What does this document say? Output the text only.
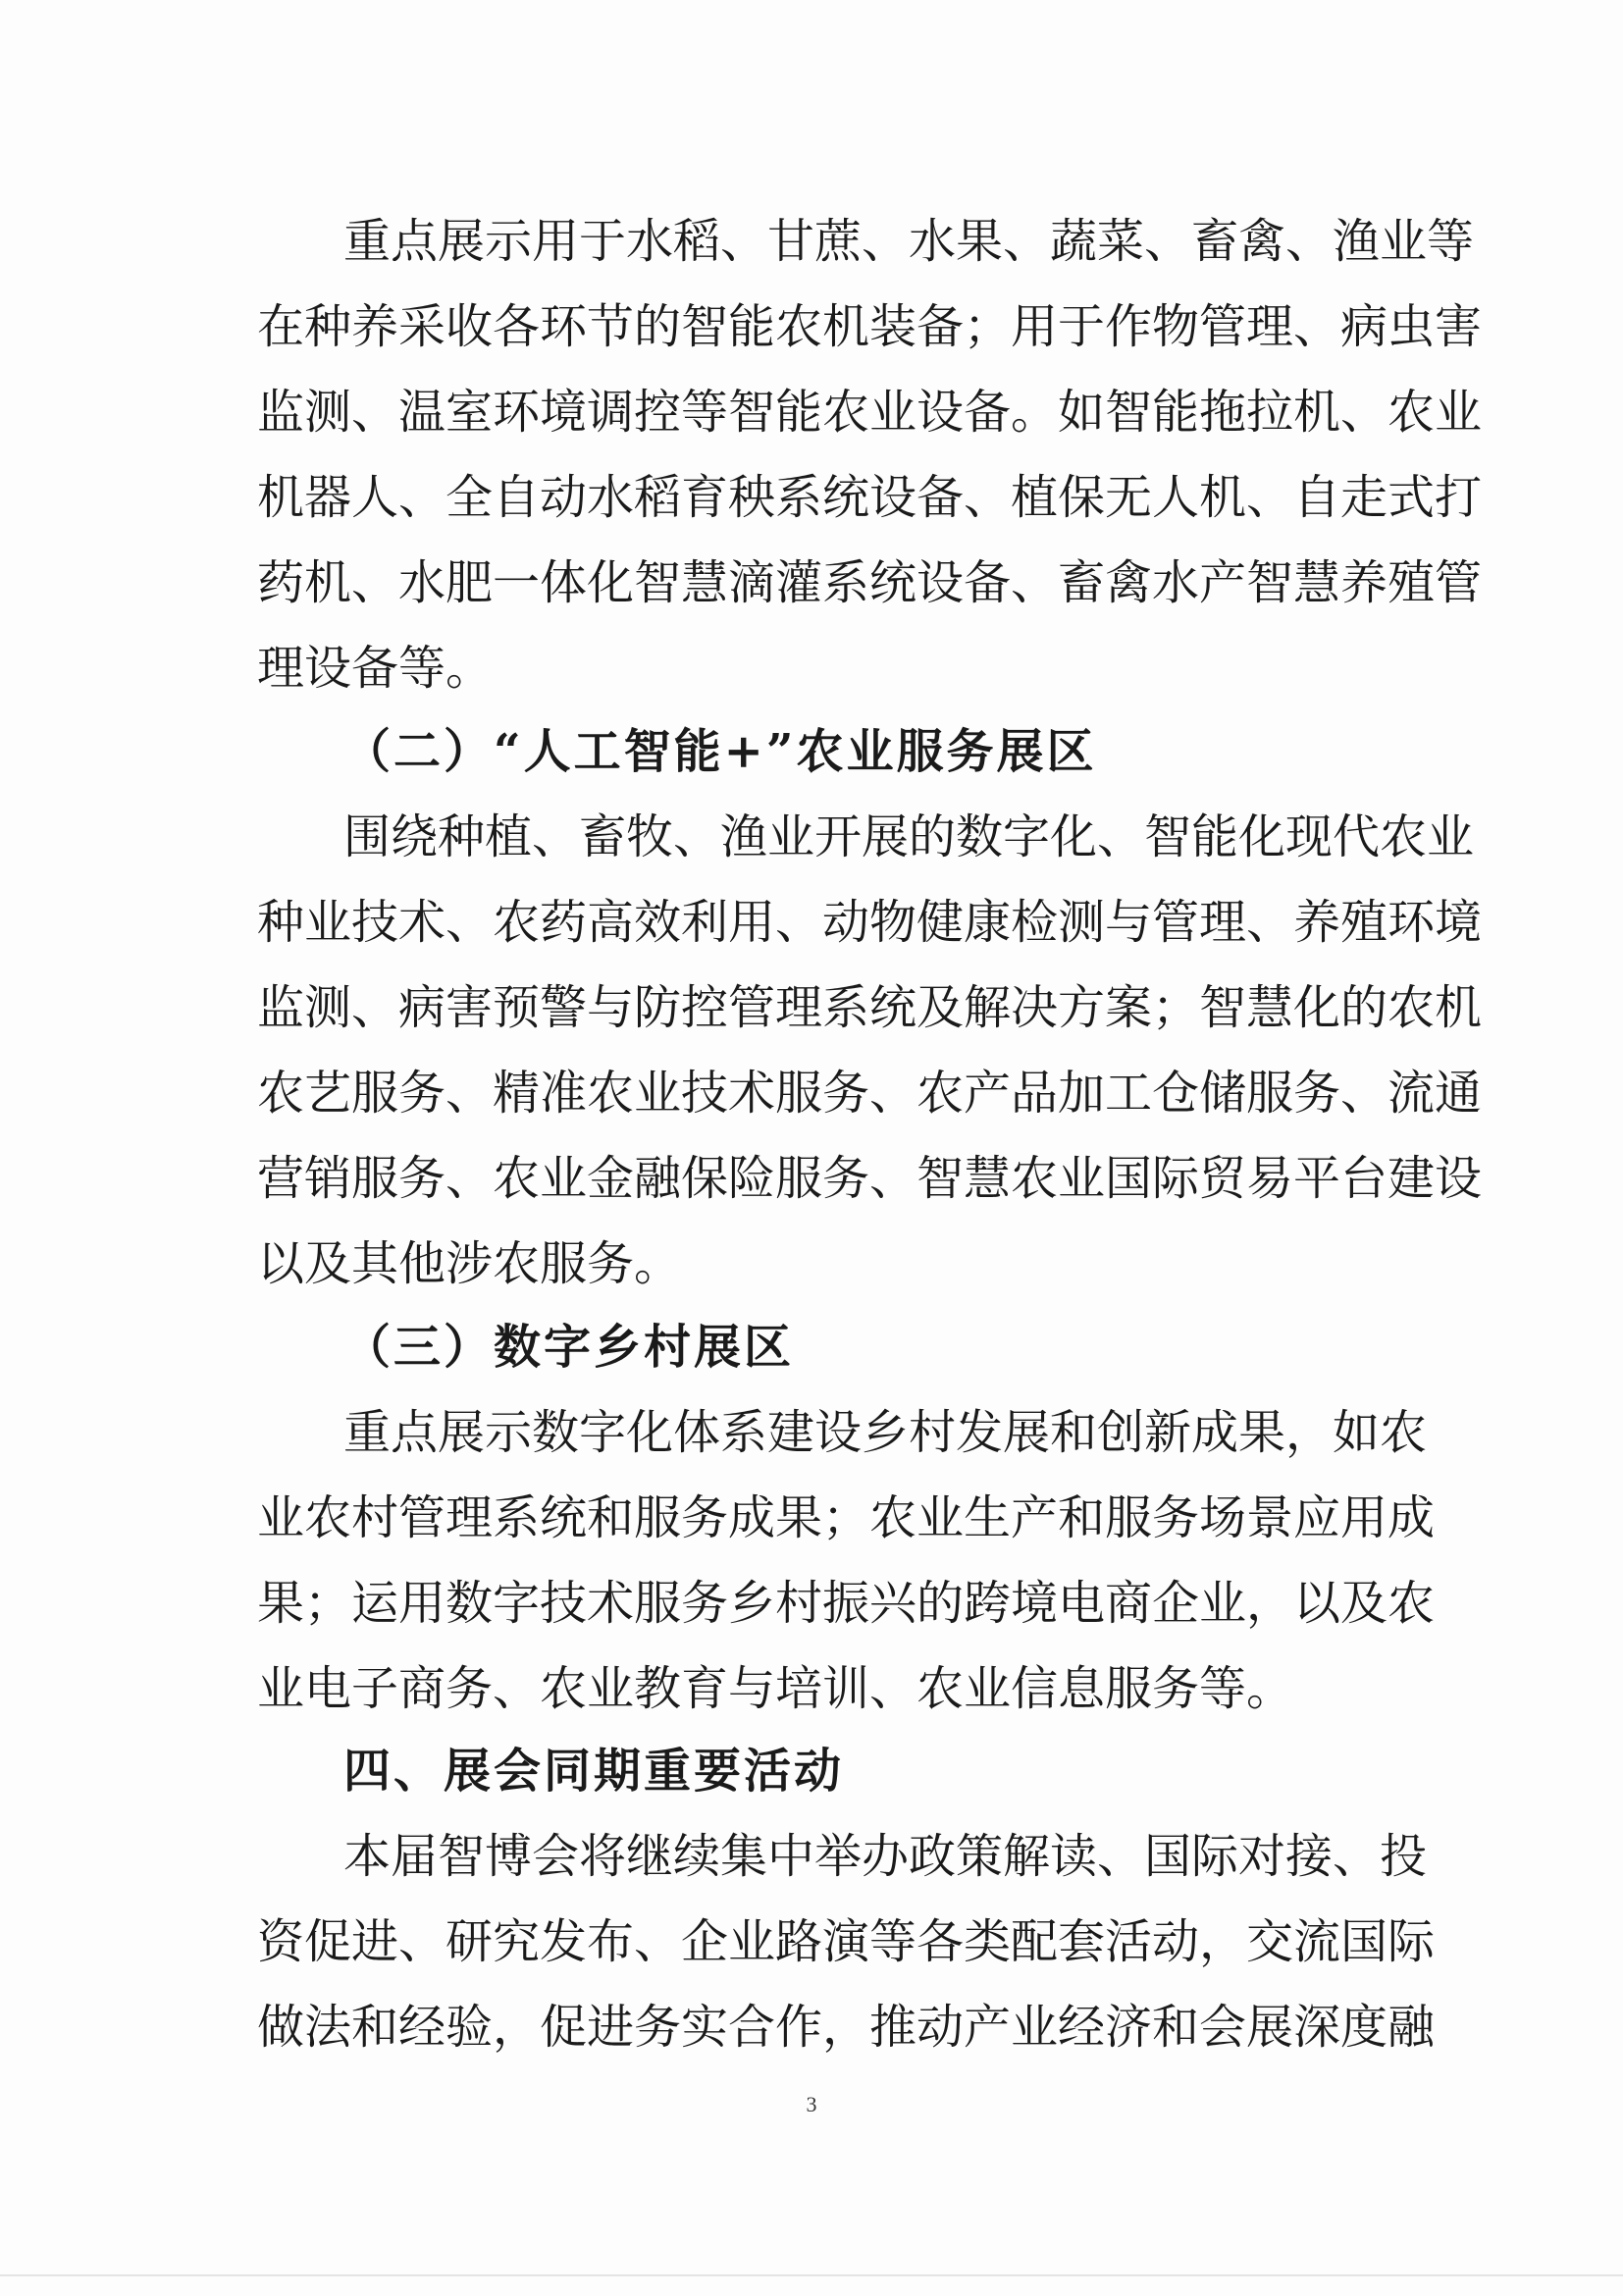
重点展示用于水稻、甘蔗、水果、蔬菜、畜禽、渔业等
在种养采收各环节的智能农机装备；用于作物管理、病虫害
监测、温室环境调控等智能农业设备。如智能拖拉机、农业
机器人、全自动水稻育秧系统设备、植保无人机、自走式打
药机、水肥一体化智慧滴灌系统设备、畜禽水产智慧养殖管
理设备等。
（二）“人工智能+”农业服务展区
围绕种植、畜牧、渔业开展的数字化、智能化现代农业
种业技术、农药高效利用、动物健康检测与管理、养殖环境
监测、病害预警与防控管理系统及解决方案；智慧化的农机
农艺服务、精准农业技术服务、农产品加工仓储服务、流通
营销服务、农业金融保险服务、智慧农业国际贸易平台建设
以及其他涉农服务。
（三）数字乡村展区
重点展示数字化体系建设乡村发展和创新成果，如农
业农村管理系统和服务成果；农业生产和服务场景应用成
果；运用数字技术服务乡村振兴的跨境电商企业，以及农
业电子商务、农业教育与培训、农业信息服务等。
四、展会同期重要活动
本届智博会将继续集中举办政策解读、国际对接、投
资促进、研究发布、企业路演等各类配套活动，交流国际
做法和经验，促进务实合作，推动产业经济和会展深度融
3
